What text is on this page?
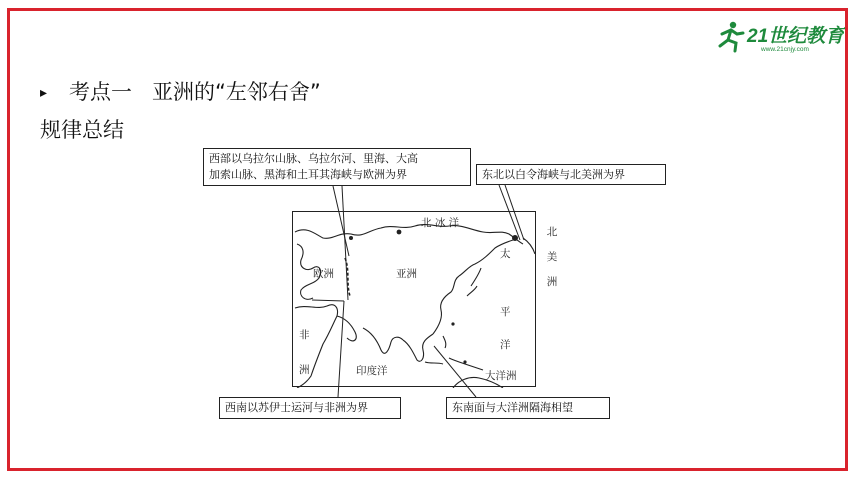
21世纪教育
www.21cnjy.com
▸ 考点一 亚洲的“左邻右舍”
规律总结
北 冰 洋
欧洲	亚洲
非
洲
太
平
洋
印度洋	大洋洲
北
美
洲
西部以乌拉尔山脉、乌拉尔河、里海、大高
加索山脉、黑海和土耳其海峡与欧洲为界	东北以白令海峡与北美洲为界
西南以苏伊士运河与非洲为界	东南面与大洋洲隔海相望
